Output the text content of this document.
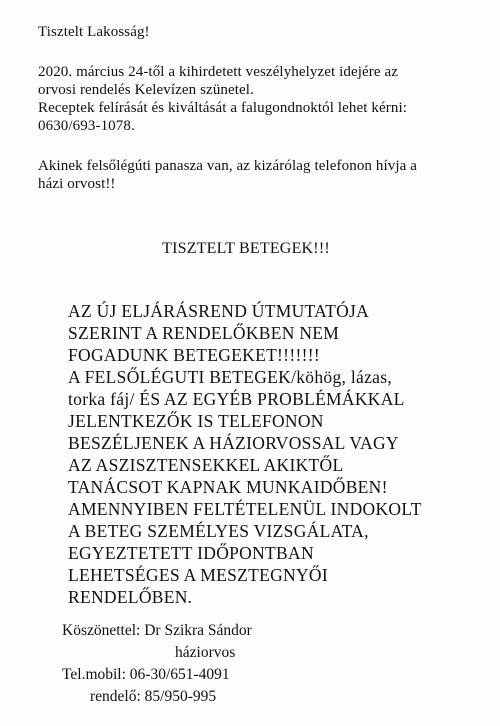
Tisztelt Lakosság!
2020. március 24-től a kihirdetett veszélyhelyzet idejére az
orvosi rendelés Kelevízen szünetel.
Receptek felírását és kiváltását a falugondnoktól lehet kérni:
0630/693-1078.
Akinek felsőlégúti panasza van, az kizárólag telefonon hívja a
házi orvost!!
TISZTELT BETEGEK!!!
AZ ÚJ ELJÁRÁSREND ÚTMUTATÓJA
SZERINT A RENDELŐKBEN NEM
FOGADUNK BETEGEKET!!!!!!!
A FELSŐLÉGUTI BETEGEK/köhög, lázas,
torka fáj/ ÉS AZ EGYÉB PROBLÉMÁKKAL
JELENTKEZŐK IS TELEFONON
BESZÉLJENEK A HÁZIORVOSSAL VAGY
AZ ASZISZTENSEKKEL AKIKTŐL
TANÁCSOT KAPNAK MUNKAIDŐBEN!
AMENNYIBEN FELTÉTELENÜL INDOKOLT
A BETEG SZEMÉLYES VIZSGÁLATA,
EGYEZTETETT IDŐPONTBAN
LEHETSÉGES A MESZTEGNYŐI
RENDELŐBEN.
Köszönettel: Dr Szikra Sándor
háziorvos
Tel.mobil: 06-30/651-4091
rendelő: 85/950-995
